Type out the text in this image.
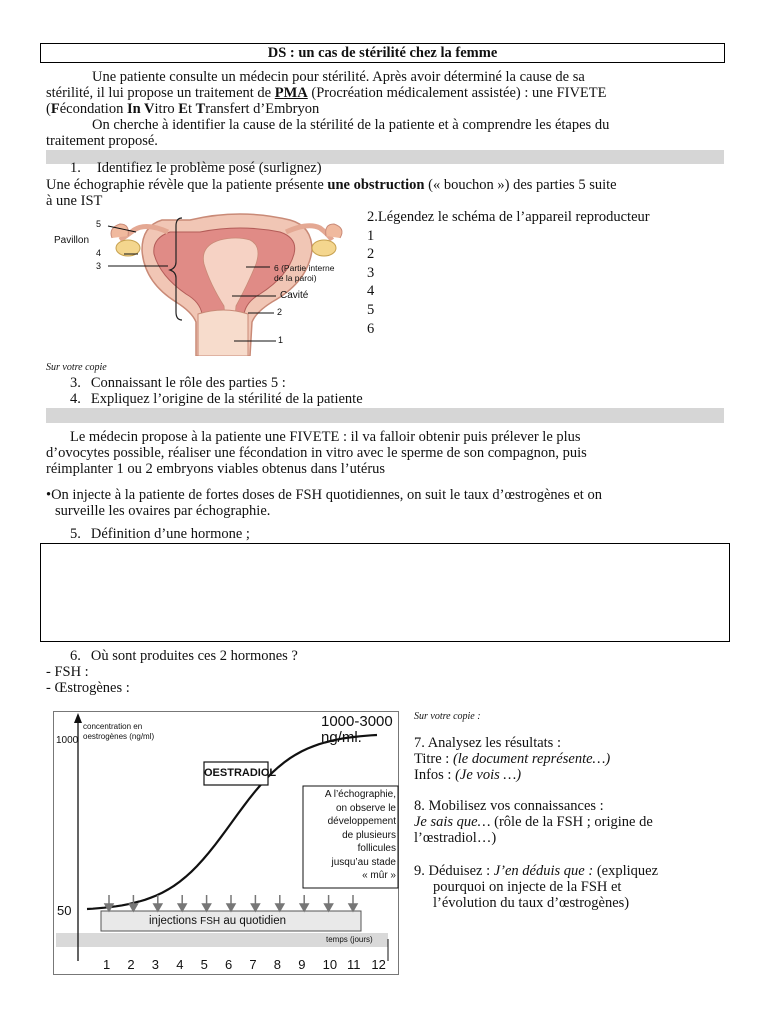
DS : un cas de stérilité chez la femme
Une patiente consulte un médecin pour stérilité. Après avoir déterminé la cause de sa
stérilité, il lui propose un traitement de PMA (Procréation médicalement assistée) : une FIVETE
(Fécondation In Vitro Et Transfert d’Embryon
On cherche à identifier la cause de la stérilité de la patiente et à comprendre les étapes du
traitement proposé.
1. Identifiez le problème posé (surlignez)
Une échographie révèle que la patiente présente une obstruction (« bouchon ») des parties 5 suite
à une IST
5
Pavillon
4
3	6 (Partie interne
de la paroi)
Cavité
2
1
2.Légendez le schéma de l’appareil reproducteur
1
2
3
4
5
6
Sur votre copie
3. Connaissant le rôle des parties 5 :
4. Expliquez l’origine de la stérilité de la patiente
Le médecin propose à la patiente une FIVETE : il va falloir obtenir puis prélever le plus
d’ovocytes possible, réaliser une fécondation in vitro avec le sperme de son compagnon, puis
réimplanter 1 ou 2 embryons viables obtenus dans l’utérus
•On injecte à la patiente de fortes doses de FSH quotidiennes, on suit le taux d’œstrogènes et on
surveille les ovaires par échographie.
5. Définition d’une hormone ;
6. Où sont produites ces 2 hormones ?
- FSH :
- Œstrogènes :
concentration en
oestrogènes (ng/ml)
1000
50
1000-3000
ng/ml.
OESTRADIOL
A l’échographie,
on observe le
développement
de plusieurs
follicules
jusqu’au stade
« mûr »
injections FSH au quotidien
temps (jours)
1 2 3 4 5 6 7 8 9 10 11 12
Sur votre copie :
7. Analysez les résultats :
Titre : (le document représente…)
Infos : (Je vois …)
8. Mobilisez vos connaissances :
Je sais que… (rôle de la FSH ; origine de
l’œstradiol…)
9. Déduisez : J’en déduis que : (expliquez
pourquoi on injecte de la FSH et
l’évolution du taux d’œstrogènes)
